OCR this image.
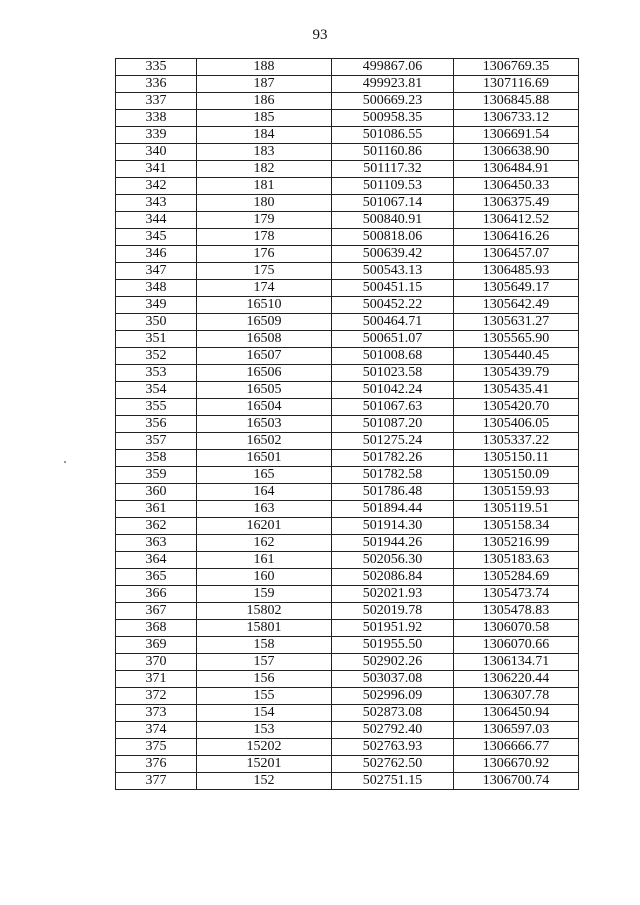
93
335	188	499867.06	1306769.35
336	187	499923.81	1307116.69
337	186	500669.23	1306845.88
338	185	500958.35	1306733.12
339	184	501086.55	1306691.54
340	183	501160.86	1306638.90
341	182	501117.32	1306484.91
342	181	501109.53	1306450.33
343	180	501067.14	1306375.49
344	179	500840.91	1306412.52
345	178	500818.06	1306416.26
346	176	500639.42	1306457.07
347	175	500543.13	1306485.93
348	174	500451.15	1305649.17
349	16510	500452.22	1305642.49
350	16509	500464.71	1305631.27
351	16508	500651.07	1305565.90
352	16507	501008.68	1305440.45
353	16506	501023.58	1305439.79
354	16505	501042.24	1305435.41
355	16504	501067.63	1305420.70
356	16503	501087.20	1305406.05
357	16502	501275.24	1305337.22
358	16501	501782.26	1305150.11
359	165	501782.58	1305150.09
360	164	501786.48	1305159.93
361	163	501894.44	1305119.51
362	16201	501914.30	1305158.34
363	162	501944.26	1305216.99
364	161	502056.30	1305183.63
365	160	502086.84	1305284.69
366	159	502021.93	1305473.74
367	15802	502019.78	1305478.83
368	15801	501951.92	1306070.58
369	158	501955.50	1306070.66
370	157	502902.26	1306134.71
371	156	503037.08	1306220.44
372	155	502996.09	1306307.78
373	154	502873.08	1306450.94
374	153	502792.40	1306597.03
375	15202	502763.93	1306666.77
376	15201	502762.50	1306670.92
377	152	502751.15	1306700.74
